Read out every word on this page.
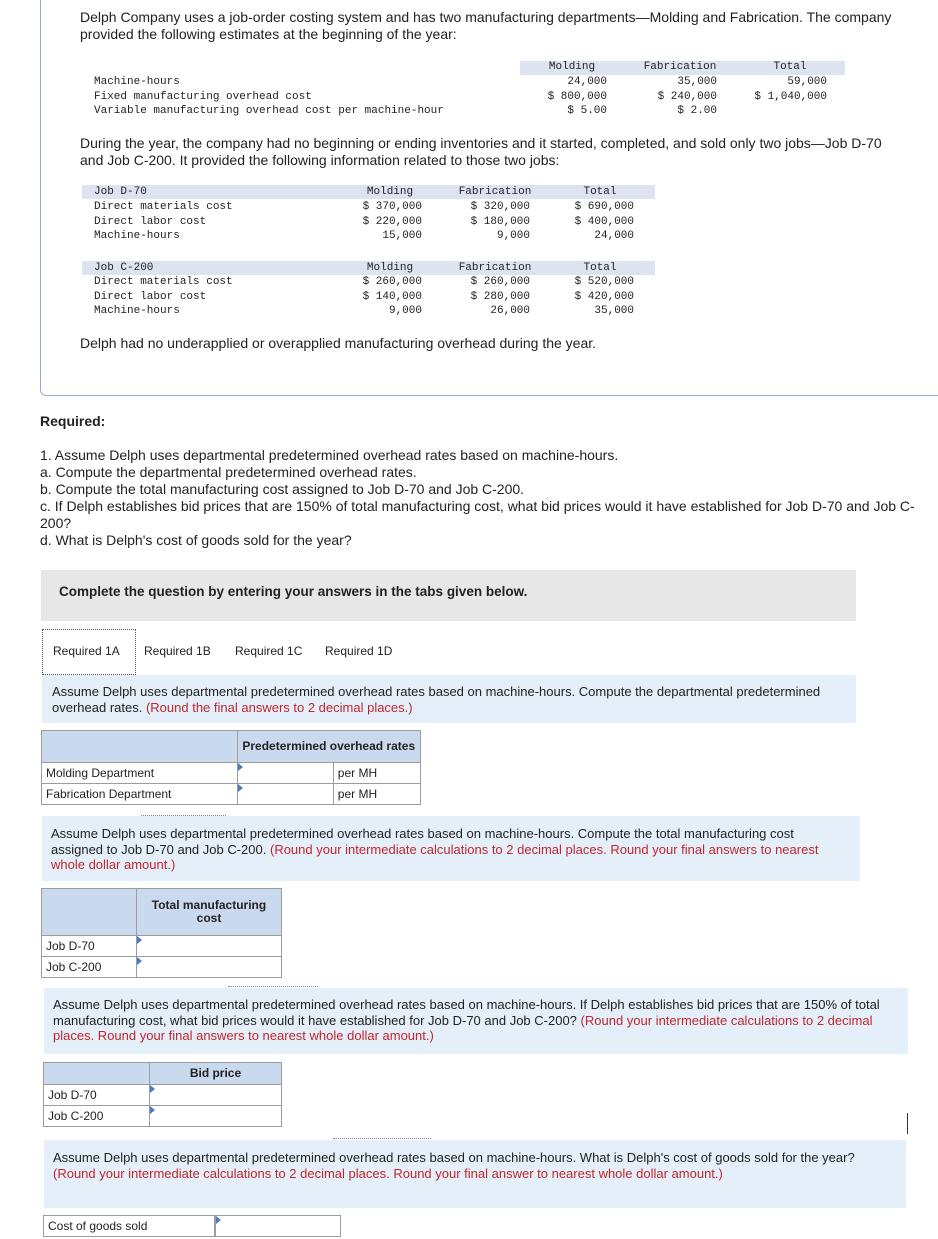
Delph Company uses a job-order costing system and has two manufacturing departments—Molding and Fabrication. The company provided the following estimates at the beginning of the year:
Molding	Fabrication	Total
Machine-hours	24,000	35,000	59,000
Fixed manufacturing overhead cost	$ 800,000	$ 240,000	$ 1,040,000
Variable manufacturing overhead cost per machine-hour	$ 5.00	$ 2.00
During the year, the company had no beginning or ending inventories and it started, completed, and sold only two jobs—Job D-70 and Job C-200. It provided the following information related to those two jobs:
Job D-70	Molding	Fabrication	Total
Direct materials cost	$ 370,000	$ 320,000	$ 690,000
Direct labor cost	$ 220,000	$ 180,000	$ 400,000
Machine-hours	15,000	9,000	24,000
Job C-200	Molding	Fabrication	Total
Direct materials cost	$ 260,000	$ 260,000	$ 520,000
Direct labor cost	$ 140,000	$ 280,000	$ 420,000
Machine-hours	9,000	26,000	35,000
Delph had no underapplied or overapplied manufacturing overhead during the year.
Required:
1. Assume Delph uses departmental predetermined overhead rates based on machine-hours.
a. Compute the departmental predetermined overhead rates.
b. Compute the total manufacturing cost assigned to Job D-70 and Job C-200.
c. If Delph establishes bid prices that are 150% of total manufacturing cost, what bid prices would it have established for Job D-70 and Job C-200?
d. What is Delph's cost of goods sold for the year?
Complete the question by entering your answers in the tabs given below.
Required 1A Required 1B Required 1C Required 1D
Assume Delph uses departmental predetermined overhead rates based on machine-hours. Compute the departmental predetermined overhead rates. (Round the final answers to 2 decimal places.)
	Predetermined overhead rates	
Molding Department		per MH
Fabrication Department		per MH
Assume Delph uses departmental predetermined overhead rates based on machine-hours. Compute the total manufacturing cost assigned to Job D-70 and Job C-200. (Round your intermediate calculations to 2 decimal places. Round your final answers to nearest whole dollar amount.)
	Total manufacturing cost
Job D-70	
Job C-200	
Assume Delph uses departmental predetermined overhead rates based on machine-hours. If Delph establishes bid prices that are 150% of total manufacturing cost, what bid prices would it have established for Job D-70 and Job C-200? (Round your intermediate calculations to 2 decimal places. Round your final answers to nearest whole dollar amount.)
	Bid price
Job D-70	
Job C-200	
Assume Delph uses departmental predetermined overhead rates based on machine-hours. What is Delph's cost of goods sold for the year? (Round your intermediate calculations to 2 decimal places. Round your final answer to nearest whole dollar amount.)
Cost of goods sold	
